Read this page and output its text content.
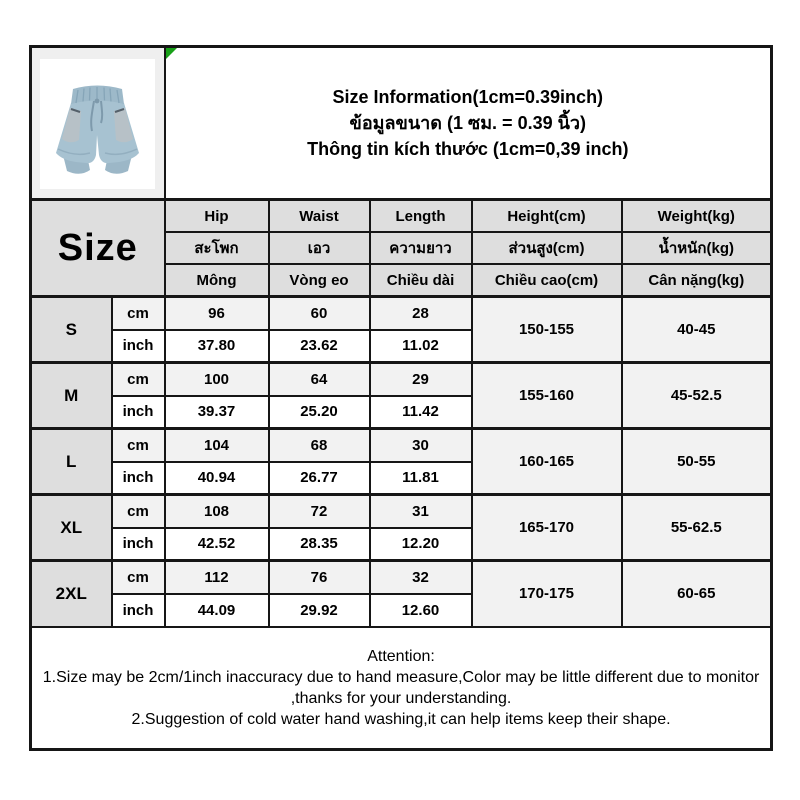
Size Information(1cm=0.39inch)
ข้อมูลขนาด (1 ซม. = 0.39 นิ้ว)
Thông tin kích thước (1cm=0,39 inch)				

Size		Hip	Waist	Length	Height(cm)	Weight(kg)
		สะโพก	เอว	ความยาว	ส่วนสูง(cm)	น้ำหนัก(kg)
		Mông	Vòng eo	Chiều dài	Chiều cao(cm)	Cân nặng(kg)
S	cm	96	60	28	150-155	40-45
	inch	37.80	23.62	11.02		
M	cm	100	64	29	155-160	45-52.5
	inch	39.37	25.20	11.42		
L	cm	104	68	30	160-165	50-55
	inch	40.94	26.77	11.81		
XL	cm	108	72	31	165-170	55-62.5
	inch	42.52	28.35	12.20		
2XL	cm	112	76	32	170-175	60-65
	inch	44.09	29.92	12.60		

Attention:
1.Size may be 2cm/1inch inaccuracy due to hand measure,Color may be little different due to monitor ,thanks for your understanding.
2.Suggestion of cold water hand washing,it can help items keep their shape.						
